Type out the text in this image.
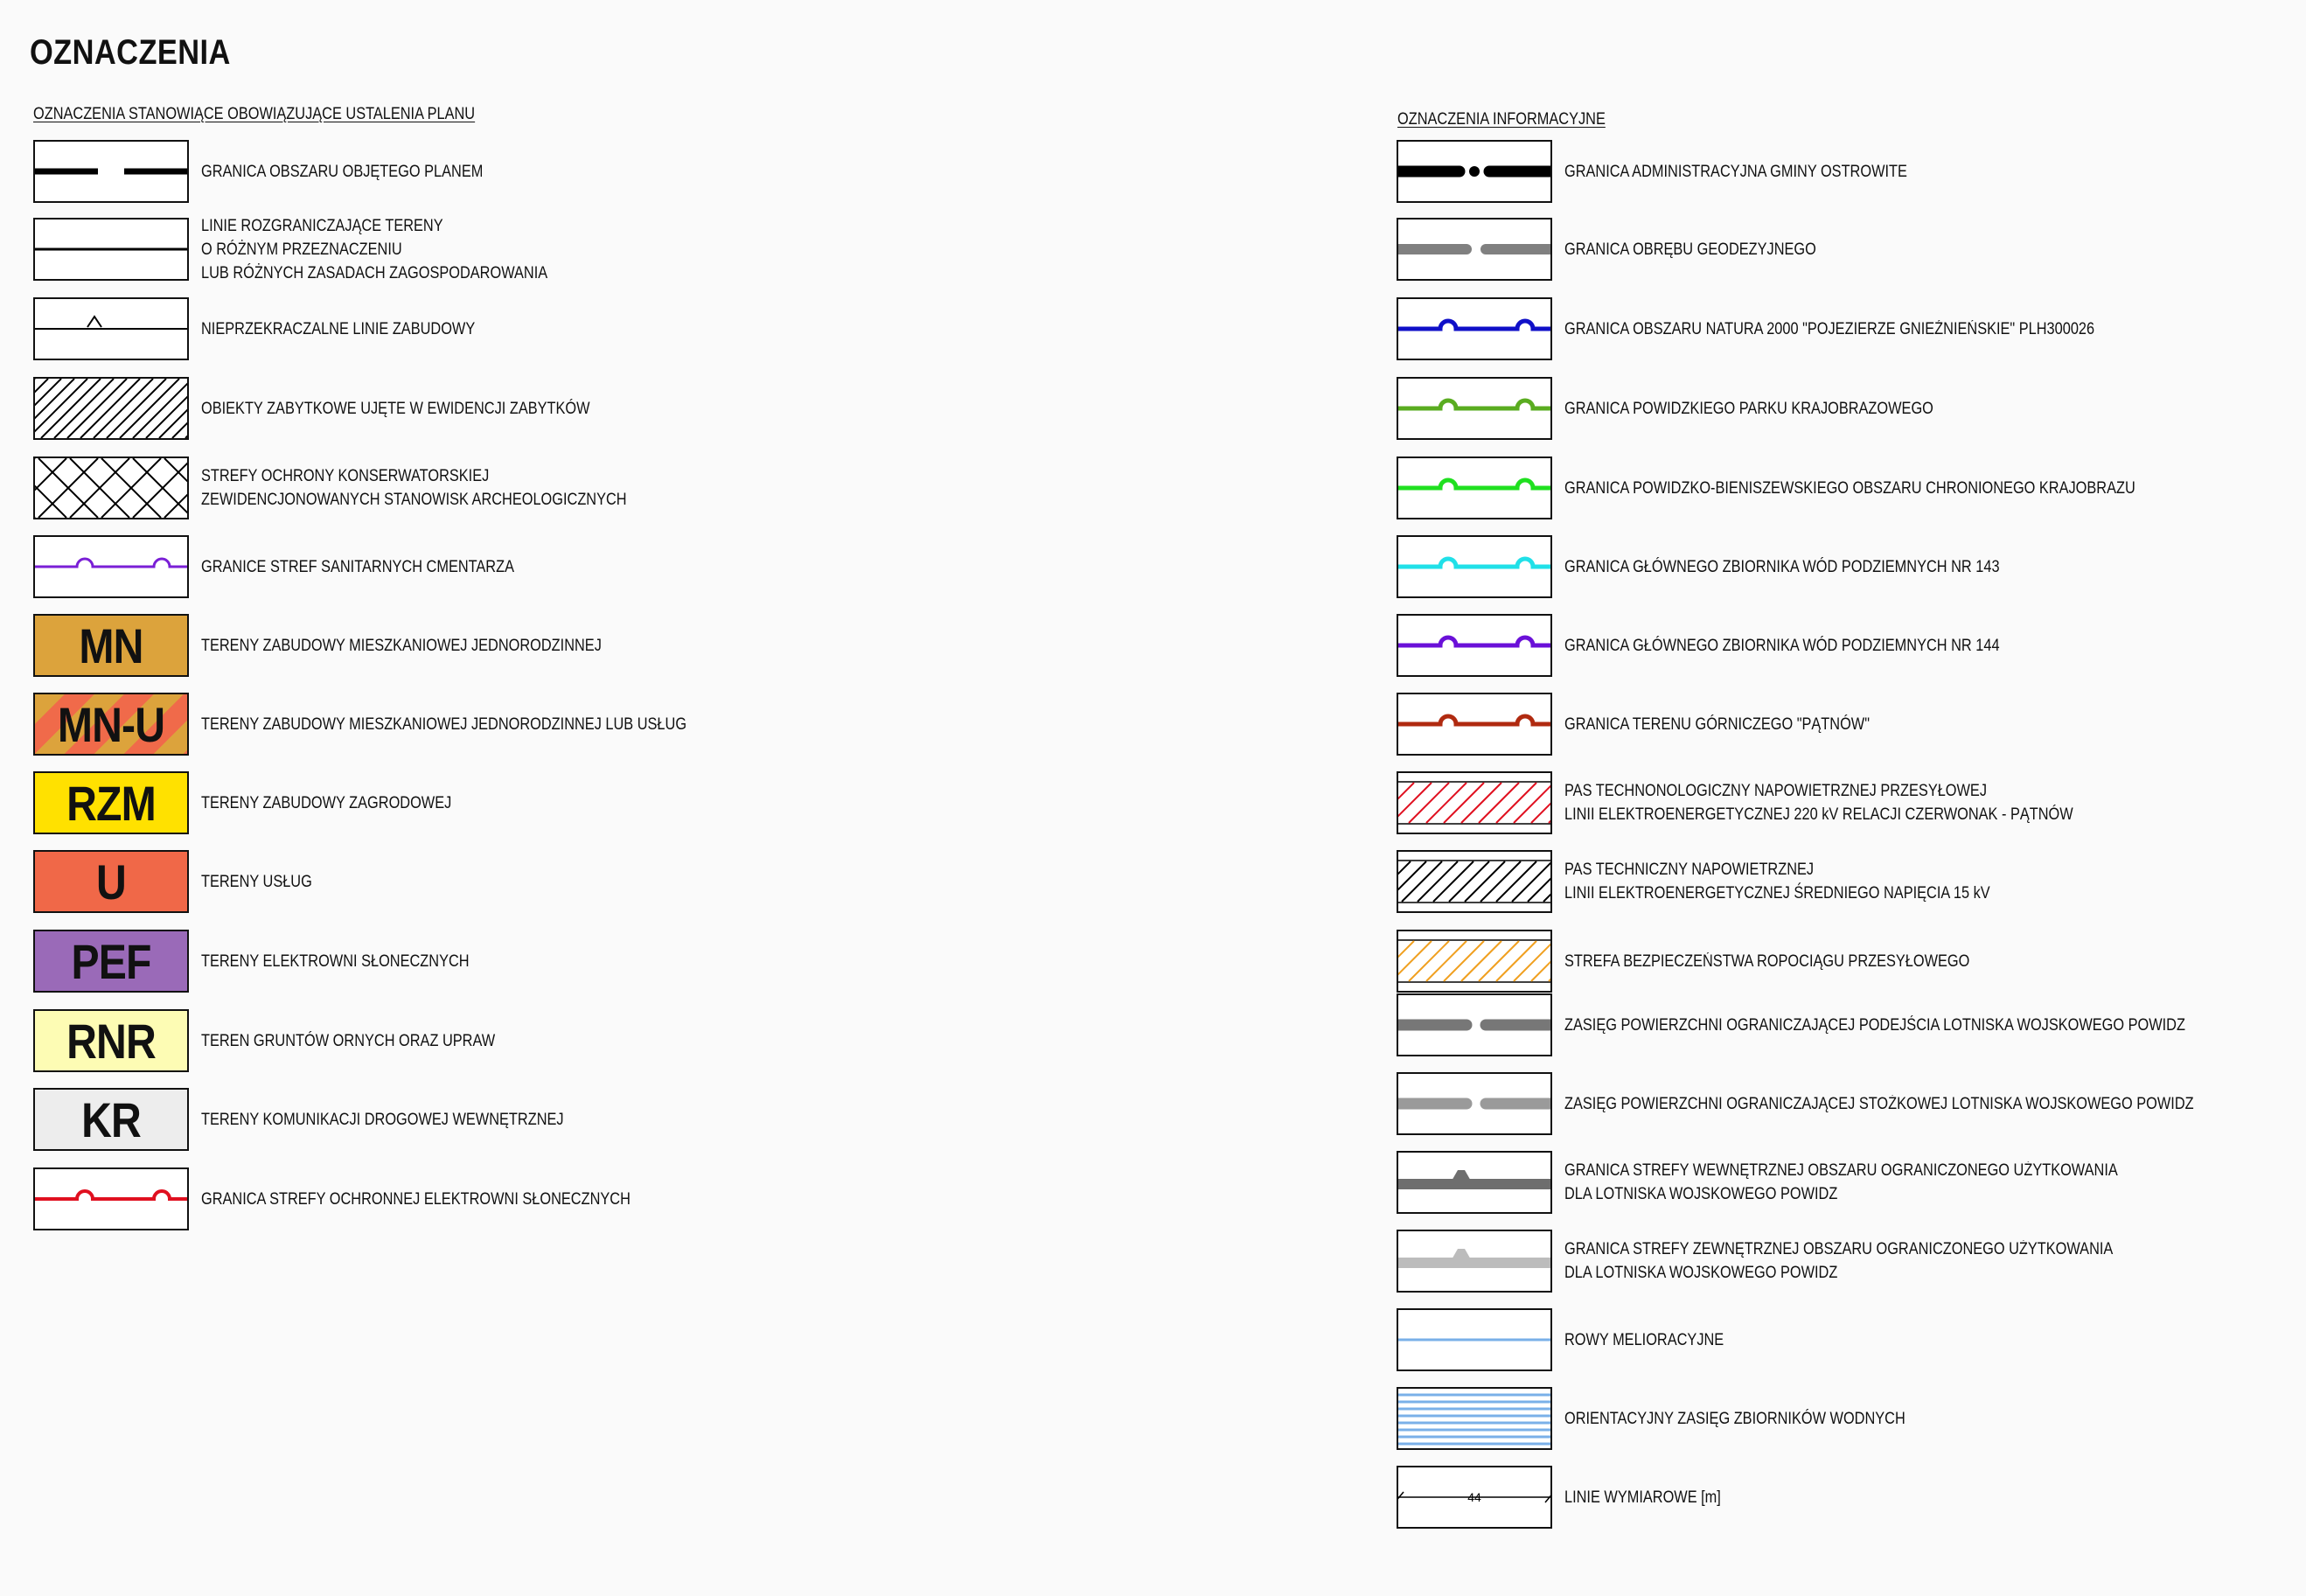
OZNACZENIA
OZNACZENIA STANOWIĄCE OBOWIĄZUJĄCE USTALENIA PLANU	OZNACZENIA INFORMACYJNE
GRANICA OBSZARU OBJĘTEGO PLANEM
LINIE ROZGRANICZAJĄCE TERENY
O RÓŻNYM PRZEZNACZENIU
LUB RÓŻNYCH ZASADACH ZAGOSPODAROWANIA
NIEPRZEKRACZALNE LINIE ZABUDOWY
OBIEKTY ZABYTKOWE UJĘTE W EWIDENCJI ZABYTKÓW
STREFY OCHRONY KONSERWATORSKIEJ
ZEWIDENCJONOWANYCH STANOWISK ARCHEOLOGICZNYCH
GRANICE STREF SANITARNYCH CMENTARZA
MN	TERENY ZABUDOWY MIESZKANIOWEJ JEDNORODZINNEJ
MN-U	TERENY ZABUDOWY MIESZKANIOWEJ JEDNORODZINNEJ LUB USŁUG
RZM	TERENY ZABUDOWY ZAGRODOWEJ
U	TERENY USŁUG
PEF	TERENY ELEKTROWNI SŁONECZNYCH
RNR	TEREN GRUNTÓW ORNYCH ORAZ UPRAW
KR	TERENY KOMUNIKACJI DROGOWEJ WEWNĘTRZNEJ
GRANICA STREFY OCHRONNEJ ELEKTROWNI SŁONECZNYCH
GRANICA ADMINISTRACYJNA GMINY OSTROWITE
GRANICA OBRĘBU GEODEZYJNEGO
GRANICA OBSZARU NATURA 2000 "POJEZIERZE GNIEŹNIEŃSKIE" PLH300026
GRANICA POWIDZKIEGO PARKU KRAJOBRAZOWEGO
GRANICA POWIDZKO-BIENISZEWSKIEGO OBSZARU CHRONIONEGO KRAJOBRAZU
GRANICA GŁÓWNEGO ZBIORNIKA WÓD PODZIEMNYCH NR 143
GRANICA GŁÓWNEGO ZBIORNIKA WÓD PODZIEMNYCH NR 144
GRANICA TERENU GÓRNICZEGO "PĄTNÓW"
PAS TECHNONOLOGICZNY NAPOWIETRZNEJ PRZESYŁOWEJ
LINII ELEKTROENERGETYCZNEJ 220 kV RELACJI CZERWONAK - PĄTNÓW
PAS TECHNICZNY NAPOWIETRZNEJ
LINII ELEKTROENERGETYCZNEJ ŚREDNIEGO NAPIĘCIA 15 kV
STREFA BEZPIECZEŃSTWA ROPOCIĄGU PRZESYŁOWEGO
ZASIĘG POWIERZCHNI OGRANICZAJĄCEJ PODEJŚCIA LOTNISKA WOJSKOWEGO POWIDZ
ZASIĘG POWIERZCHNI OGRANICZAJĄCEJ STOŻKOWEJ LOTNISKA WOJSKOWEGO POWIDZ
GRANICA STREFY WEWNĘTRZNEJ OBSZARU OGRANICZONEGO UŻYTKOWANIA
DLA LOTNISKA WOJSKOWEGO POWIDZ
GRANICA STREFY ZEWNĘTRZNEJ OBSZARU OGRANICZONEGO UŻYTKOWANIA
DLA LOTNISKA WOJSKOWEGO POWIDZ
ROWY MELIORACYJNE
ORIENTACYJNY ZASIĘG ZBIORNIKÓW WODNYCH
44	LINIE WYMIAROWE [m]
